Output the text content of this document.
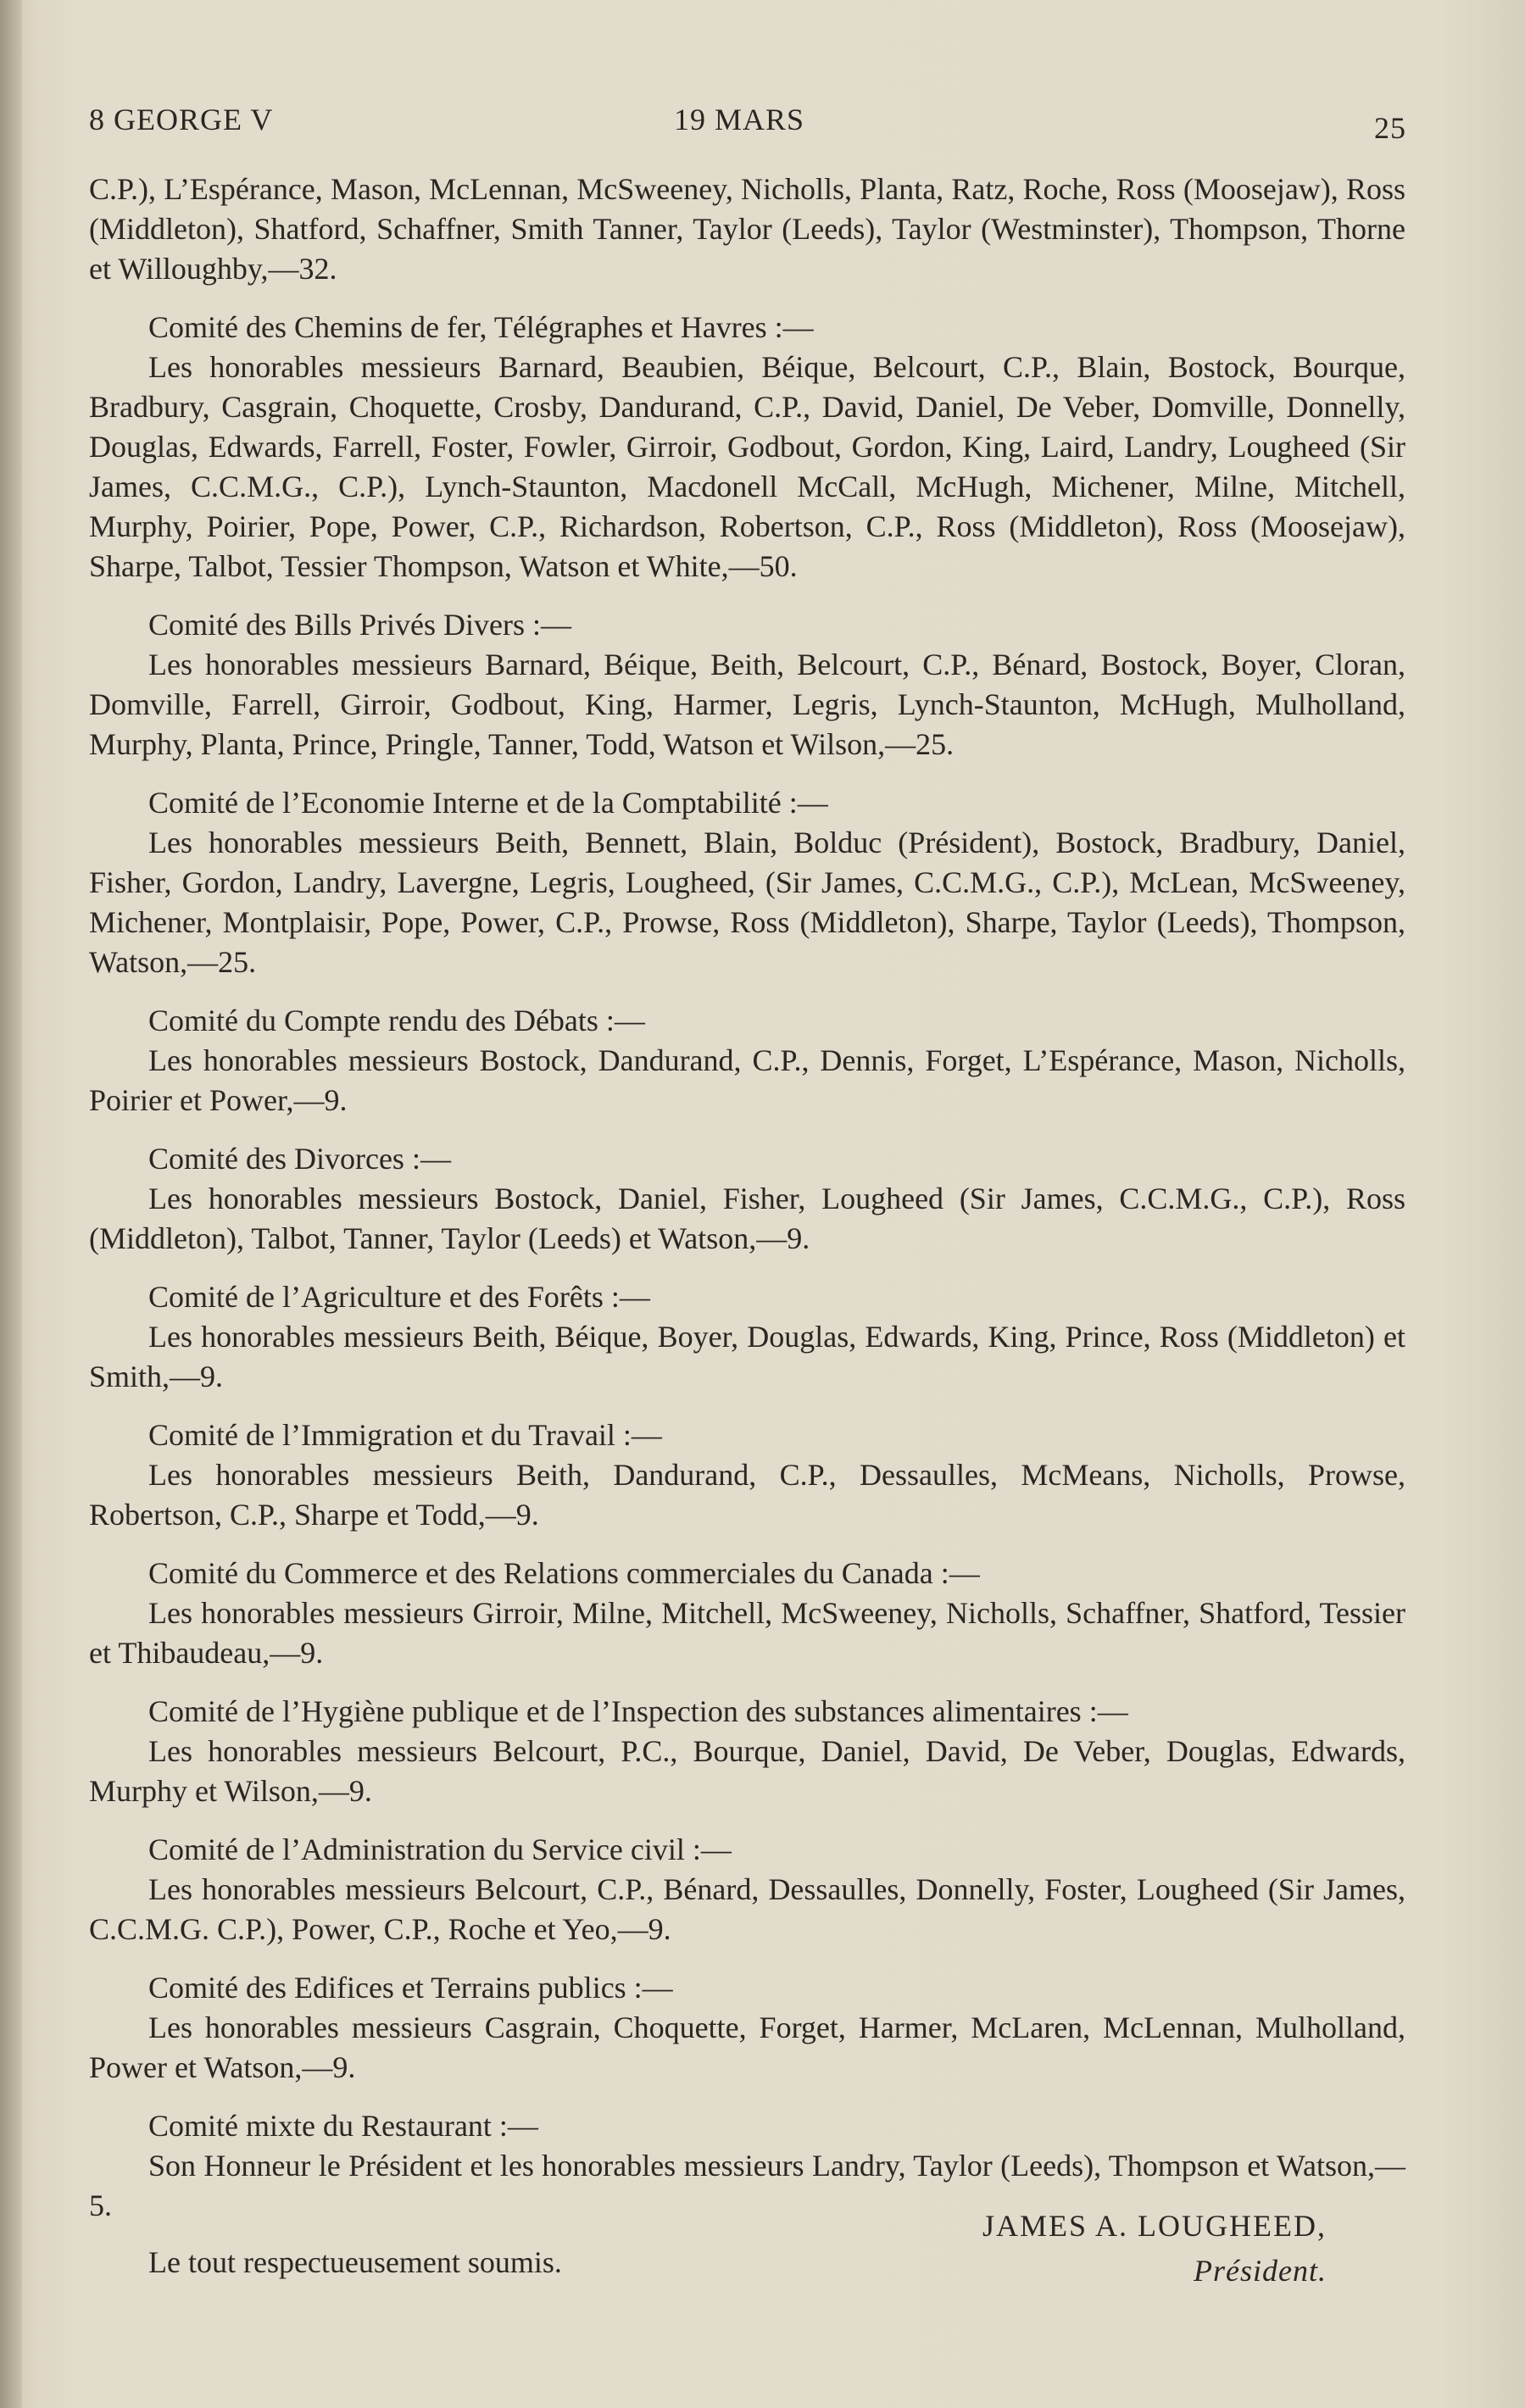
8 GEORGE V	19 MARS	25

C.P.), L’Espérance, Mason, McLennan, McSweeney, Nicholls, Planta, Ratz, Roche, Ross (Moosejaw), Ross (Middleton), Shatford, Schaffner, Smith Tanner, Taylor (Leeds), Taylor (Westminster), Thompson, Thorne et Willoughby,—32.

Comité des Chemins de fer, Télégraphes et Havres :—

Les honorables messieurs Barnard, Beaubien, Béique, Belcourt, C.P., Blain, Bostock, Bourque, Bradbury, Casgrain, Choquette, Crosby, Dandurand, C.P., David, Daniel, De Veber, Domville, Donnelly, Douglas, Edwards, Farrell, Foster, Fowler, Girroir, Godbout, Gordon, King, Laird, Landry, Lougheed (Sir James, C.C.M.G., C.P.), Lynch-Staunton, Macdonell McCall, McHugh, Michener, Milne, Mitchell, Murphy, Poirier, Pope, Power, C.P., Richardson, Robertson, C.P., Ross (Middleton), Ross (Moosejaw), Sharpe, Talbot, Tessier Thompson, Watson et White,—50.

Comité des Bills Privés Divers :—

Les honorables messieurs Barnard, Béique, Beith, Belcourt, C.P., Bénard, Bostock, Boyer, Cloran, Domville, Farrell, Girroir, Godbout, King, Harmer, Legris, Lynch-Staunton, McHugh, Mulholland, Murphy, Planta, Prince, Pringle, Tanner, Todd, Watson et Wilson,—25.

Comité de l’Economie Interne et de la Comptabilité :—

Les honorables messieurs Beith, Bennett, Blain, Bolduc (Président), Bostock, Bradbury, Daniel, Fisher, Gordon, Landry, Lavergne, Legris, Lougheed, (Sir James, C.C.M.G., C.P.), McLean, McSweeney, Michener, Montplaisir, Pope, Power, C.P., Prowse, Ross (Middleton), Sharpe, Taylor (Leeds), Thompson, Watson,—25.

Comité du Compte rendu des Débats :—

Les honorables messieurs Bostock, Dandurand, C.P., Dennis, Forget, L’Espérance, Mason, Nicholls, Poirier et Power,—9.

Comité des Divorces :—

Les honorables messieurs Bostock, Daniel, Fisher, Lougheed (Sir James, C.C.M.G., C.P.), Ross (Middleton), Talbot, Tanner, Taylor (Leeds) et Watson,—9.

Comité de l’Agriculture et des Forêts :—

Les honorables messieurs Beith, Béique, Boyer, Douglas, Edwards, King, Prince, Ross (Middleton) et Smith,—9.

Comité de l’Immigration et du Travail :—

Les honorables messieurs Beith, Dandurand, C.P., Dessaulles, McMeans, Nicholls, Prowse, Robertson, C.P., Sharpe et Todd,—9.

Comité du Commerce et des Relations commerciales du Canada :—

Les honorables messieurs Girroir, Milne, Mitchell, McSweeney, Nicholls, Schaffner, Shatford, Tessier et Thibaudeau,—9.

Comité de l’Hygiène publique et de l’Inspection des substances alimentaires :—

Les honorables messieurs Belcourt, P.C., Bourque, Daniel, David, De Veber, Douglas, Edwards, Murphy et Wilson,—9.

Comité de l’Administration du Service civil :—

Les honorables messieurs Belcourt, C.P., Bénard, Dessaulles, Donnelly, Foster, Lougheed (Sir James, C.C.M.G. C.P.), Power, C.P., Roche et Yeo,—9.

Comité des Edifices et Terrains publics :—

Les honorables messieurs Casgrain, Choquette, Forget, Harmer, McLaren, McLennan, Mulholland, Power et Watson,—9.

Comité mixte du Restaurant :—

Son Honneur le Président et les honorables messieurs Landry, Taylor (Leeds), Thompson et Watson,—5.

Le tout respectueusement soumis.

JAMES A. LOUGHEED,
Président.
